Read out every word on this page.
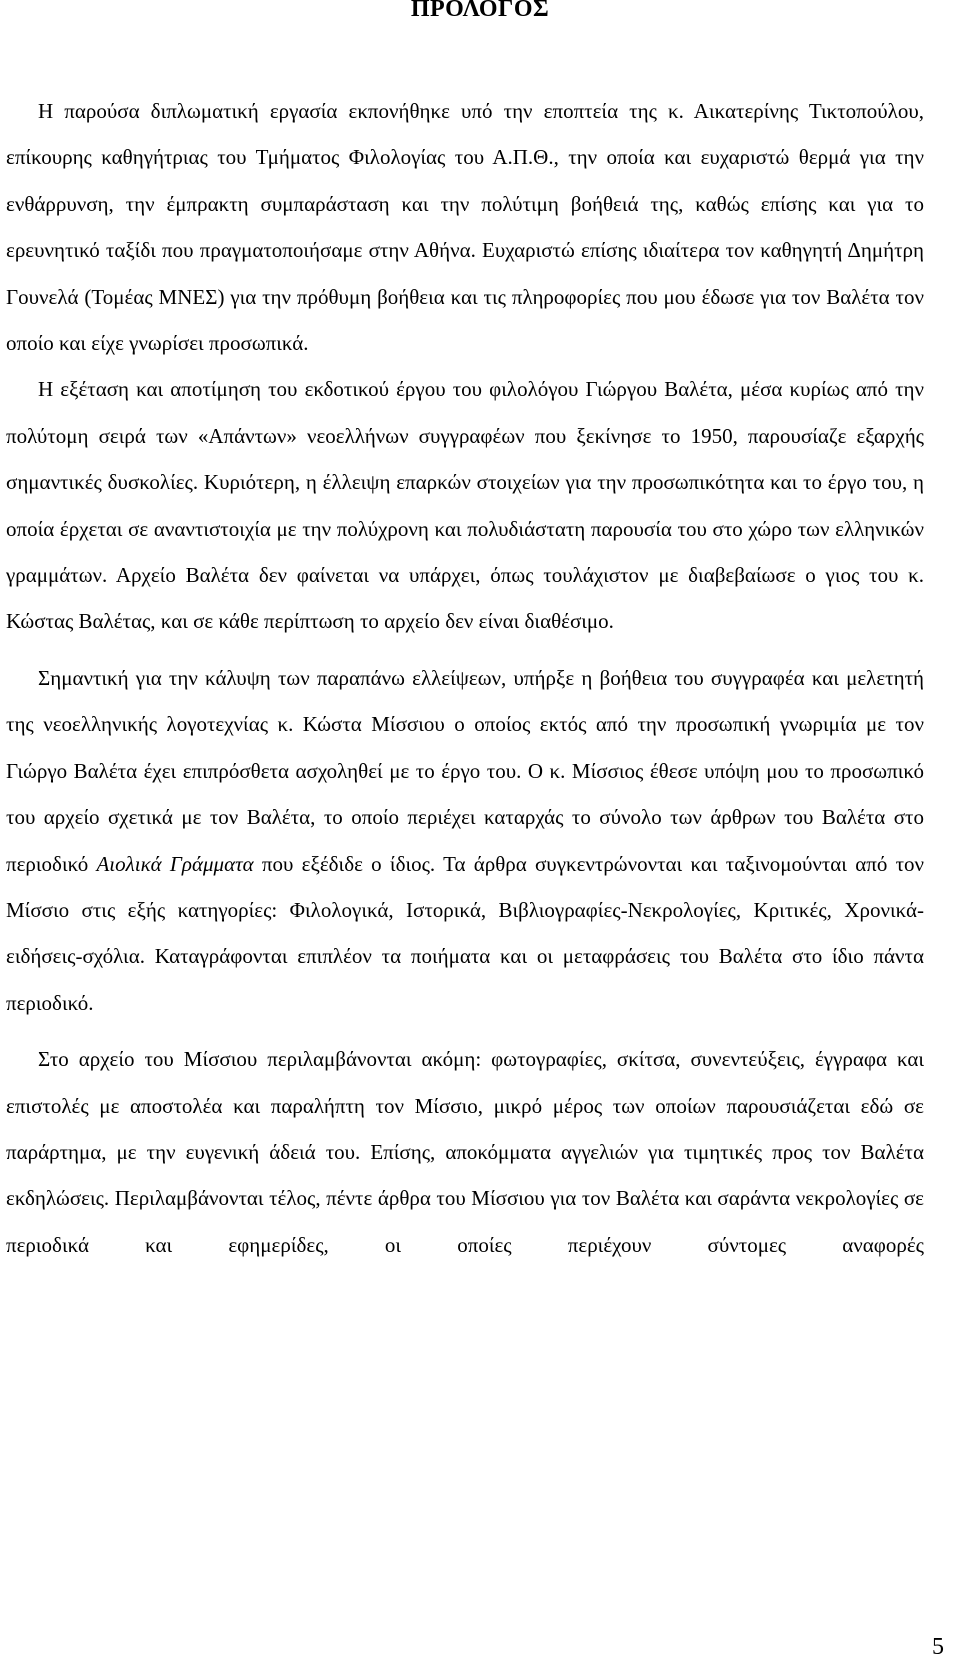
ΠΡΟΛΟΓΟΣ

Η παρούσα διπλωματική εργασία εκπονήθηκε υπό την εποπτεία της κ. Αικατερίνης Τικτοπούλου, επίκουρης καθηγήτριας του Τμήματος Φιλολογίας του Α.Π.Θ., την οποία και ευχαριστώ θερμά για την ενθάρρυνση, την έμπρακτη συμπαράσταση και την πολύτιμη βοήθειά της, καθώς επίσης και για το ερευνητικό ταξίδι που πραγματοποιήσαμε στην Αθήνα. Ευχαριστώ επίσης ιδιαίτερα τον καθηγητή Δημήτρη Γουνελά (Τομέας ΜΝΕΣ) για την πρόθυμη βοήθεια και τις πληροφορίες που μου έδωσε για τον Βαλέτα τον οποίο και είχε γνωρίσει προσωπικά.

Η εξέταση και αποτίμηση του εκδοτικού έργου του φιλολόγου Γιώργου Βαλέτα, μέσα κυρίως από την πολύτομη σειρά των «Απάντων» νεοελλήνων συγγραφέων που ξεκίνησε το 1950, παρουσίαζε εξαρχής σημαντικές δυσκολίες. Κυριότερη, η έλλειψη επαρκών στοιχείων για την προσωπικότητα και το έργο του, η οποία έρχεται σε αναντιστοιχία με την πολύχρονη και πολυδιάστατη παρουσία του στο χώρο των ελληνικών γραμμάτων. Αρχείο Βαλέτα δεν φαίνεται να υπάρχει, όπως τουλάχιστον με διαβεβαίωσε ο γιος του κ. Κώστας Βαλέτας, και σε κάθε περίπτωση το αρχείο δεν είναι διαθέσιμο.

Σημαντική για την κάλυψη των παραπάνω ελλείψεων, υπήρξε η βοήθεια του συγγραφέα και μελετητή της νεοελληνικής λογοτεχνίας κ. Κώστα Μίσσιου ο οποίος εκτός από την προσωπική γνωριμία με τον Γιώργο Βαλέτα έχει επιπρόσθετα ασχοληθεί με το έργο του. Ο κ. Μίσσιος έθεσε υπόψη μου το προσωπικό του αρχείο σχετικά με τον Βαλέτα, το οποίο περιέχει καταρχάς το σύνολο των άρθρων του Βαλέτα στο περιοδικό Αιολικά Γράμματα που εξέδιδε ο ίδιος. Τα άρθρα συγκεντρώνονται και ταξινομούνται από τον Μίσσιο στις εξής κατηγορίες: Φιλολογικά, Ιστορικά, Βιβλιογραφίες-Νεκρολογίες, Κριτικές, Χρονικά-ειδήσεις-σχόλια. Καταγράφονται επιπλέον τα ποιήματα και οι μεταφράσεις του Βαλέτα στο ίδιο πάντα περιοδικό.

Στο αρχείο του Μίσσιου περιλαμβάνονται ακόμη: φωτογραφίες, σκίτσα, συνεντεύξεις, έγγραφα και επιστολές με αποστολέα και παραλήπτη τον Μίσσιο, μικρό μέρος των οποίων παρουσιάζεται εδώ σε παράρτημα, με την ευγενική άδειά του. Επίσης, αποκόμματα αγγελιών για τιμητικές προς τον Βαλέτα εκδηλώσεις. Περιλαμβάνονται τέλος, πέντε άρθρα του Μίσσιου για τον Βαλέτα και σαράντα νεκρολογίες σε περιοδικά και εφημερίδες, οι οποίες περιέχουν σύντομες αναφορές

5
